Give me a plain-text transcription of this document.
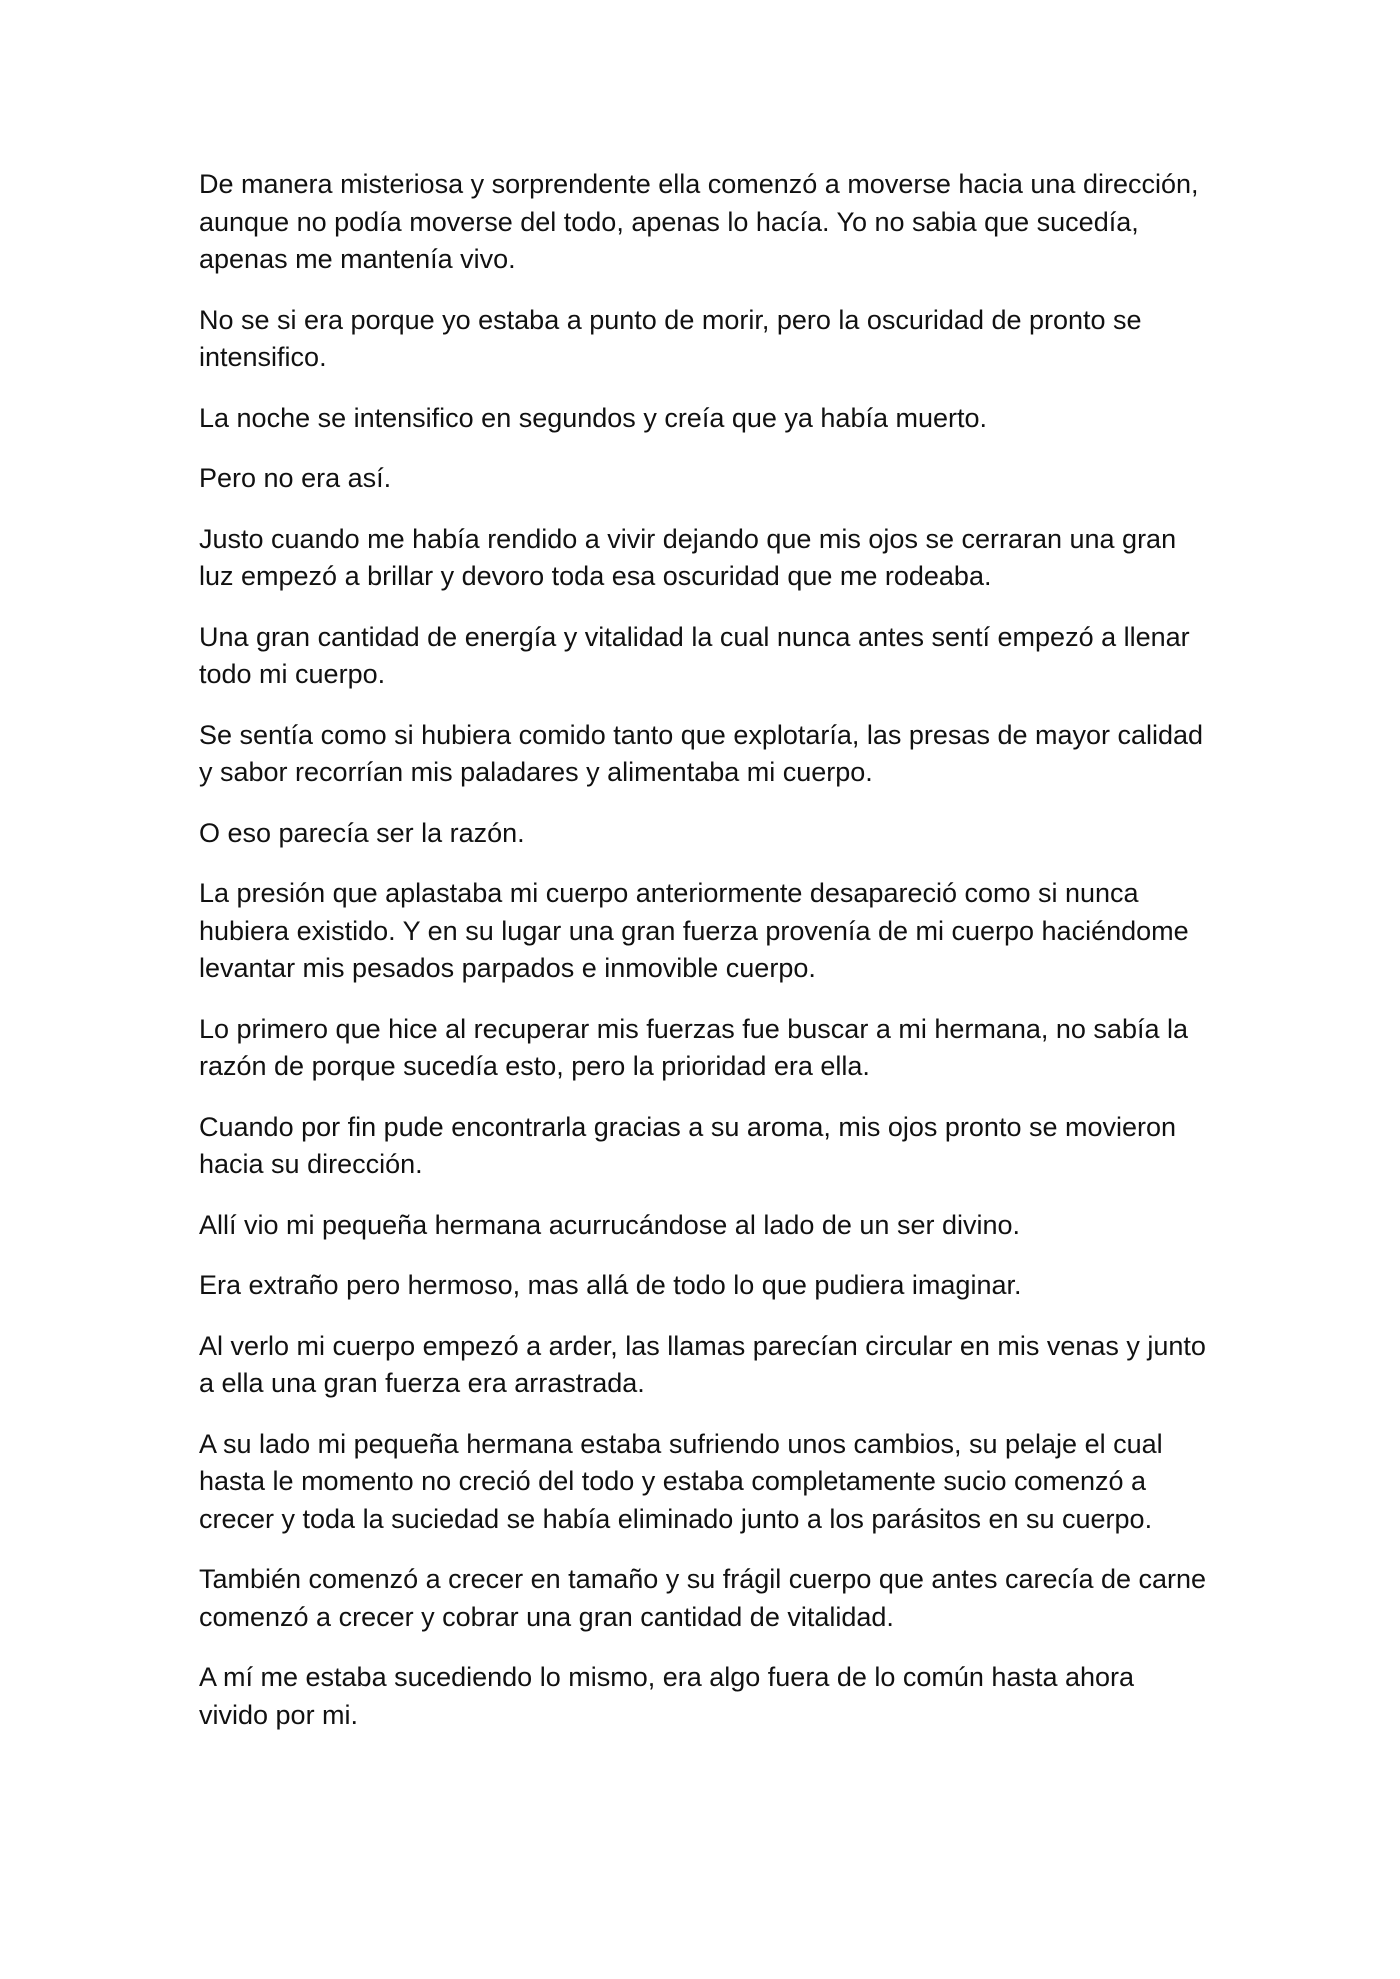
De manera misteriosa y sorprendente ella comenzó a moverse hacia una dirección, aunque no podía moverse del todo, apenas lo hacía. Yo no sabia que sucedía, apenas me mantenía vivo.

No se si era porque yo estaba a punto de morir, pero la oscuridad de pronto se intensifico.

La noche se intensifico en segundos y creía que ya había muerto.

Pero no era así.

Justo cuando me había rendido a vivir dejando que mis ojos se cerraran una gran luz empezó a brillar y devoro toda esa oscuridad que me rodeaba.

Una gran cantidad de energía y vitalidad la cual nunca antes sentí empezó a llenar todo mi cuerpo.

Se sentía como si hubiera comido tanto que explotaría, las presas de mayor calidad y sabor recorrían mis paladares y alimentaba mi cuerpo.

O eso parecía ser la razón.

La presión que aplastaba mi cuerpo anteriormente desapareció como si nunca hubiera existido. Y en su lugar una gran fuerza provenía de mi cuerpo haciéndome levantar mis pesados parpados e inmovible cuerpo.

Lo primero que hice al recuperar mis fuerzas fue buscar a mi hermana, no sabía la razón de porque sucedía esto, pero la prioridad era ella.

Cuando por fin pude encontrarla gracias a su aroma, mis ojos pronto se movieron hacia su dirección.

Allí vio mi pequeña hermana acurrucándose al lado de un ser divino.

Era extraño pero hermoso, mas allá de todo lo que pudiera imaginar.

Al verlo mi cuerpo empezó a arder, las llamas parecían circular en mis venas y junto a ella una gran fuerza era arrastrada.

A su lado mi pequeña hermana estaba sufriendo unos cambios, su pelaje el cual hasta le momento no creció del todo y estaba completamente sucio comenzó a crecer y toda la suciedad se había eliminado junto a los parásitos en su cuerpo.

También comenzó a crecer en tamaño y su frágil cuerpo que antes carecía de carne comenzó a crecer y cobrar una gran cantidad de vitalidad.

A mí me estaba sucediendo lo mismo, era algo fuera de lo común hasta ahora vivido por mi.
